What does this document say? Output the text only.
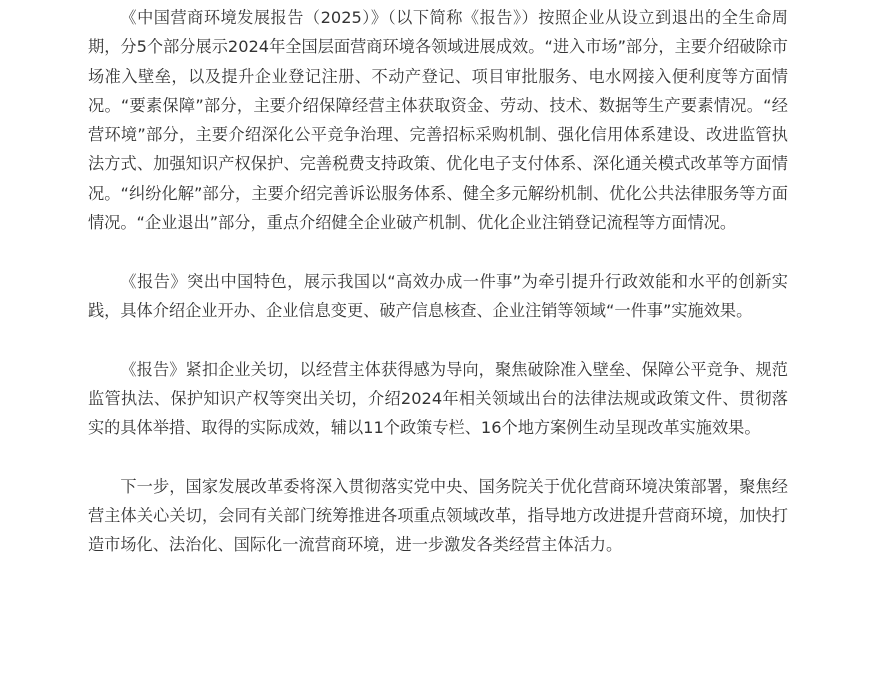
《中国营商环境发展报告（2025）》（以下简称《报告》）按照企业从设立到退出的全生命周期，分5个部分展示2024年全国层面营商环境各领域进展成效。“进入市场”部分，主要介绍破除市场准入壁垒，以及提升企业登记注册、不动产登记、项目审批服务、电水网接入便利度等方面情况。“要素保障”部分，主要介绍保障经营主体获取资金、劳动、技术、数据等生产要素情况。“经营环境”部分，主要介绍深化公平竞争治理、完善招标采购机制、强化信用体系建设、改进监管执法方式、加强知识产权保护、完善税费支持政策、优化电子支付体系、深化通关模式改革等方面情况。“纠纷化解”部分，主要介绍完善诉讼服务体系、健全多元解纷机制、优化公共法律服务等方面情况。“企业退出”部分，重点介绍健全企业破产机制、优化企业注销登记流程等方面情况。

《报告》突出中国特色，展示我国以“高效办成一件事”为牵引提升行政效能和水平的创新实践，具体介绍企业开办、企业信息变更、破产信息核查、企业注销等领域“一件事”实施效果。

《报告》紧扣企业关切，以经营主体获得感为导向，聚焦破除准入壁垒、保障公平竞争、规范监管执法、保护知识产权等突出关切，介绍2024年相关领域出台的法律法规或政策文件、贯彻落实的具体举措、取得的实际成效，辅以11个政策专栏、16个地方案例生动呈现改革实施效果。

下一步，国家发展改革委将深入贯彻落实党中央、国务院关于优化营商环境决策部署，聚焦经营主体关心关切，会同有关部门统筹推进各项重点领域改革，指导地方改进提升营商环境，加快打造市场化、法治化、国际化一流营商环境，进一步激发各类经营主体活力。
